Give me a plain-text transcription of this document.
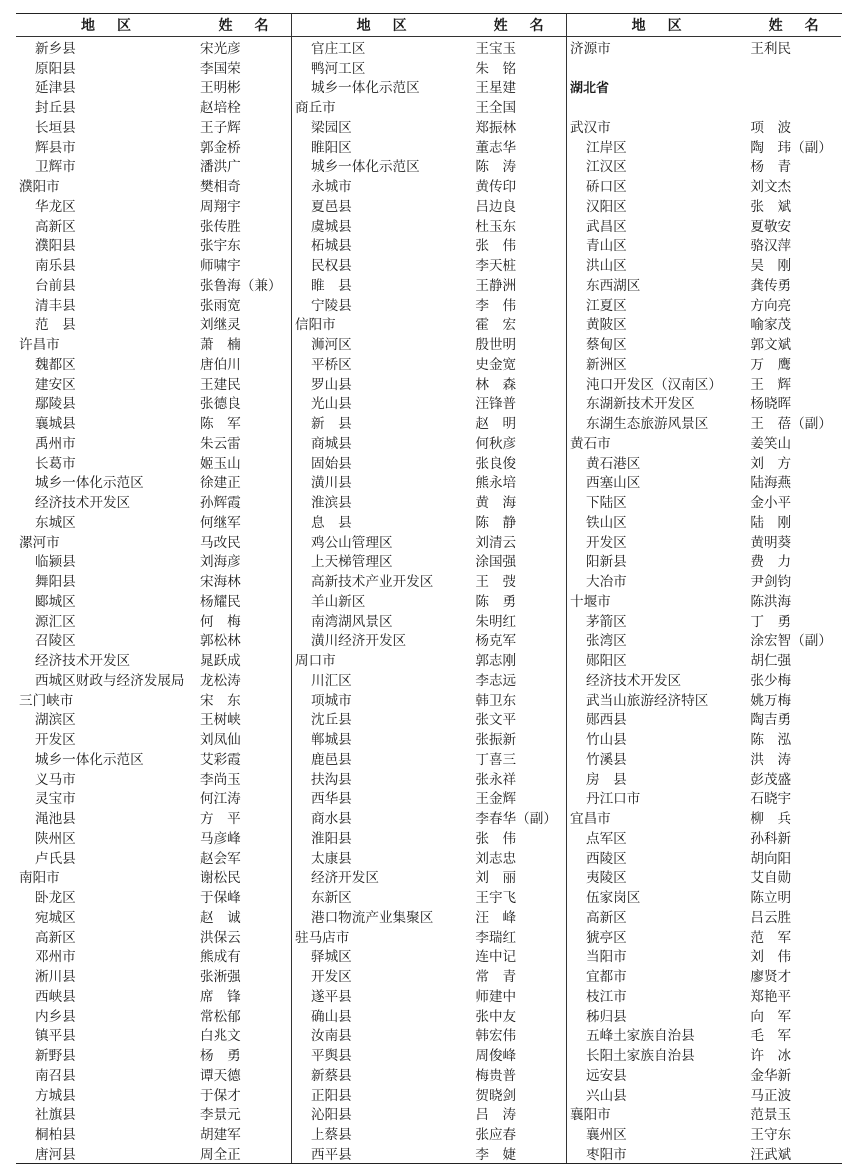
地区	姓名
新乡县	宋光彦
原阳县	李国荣
延津县	王明彬
封丘县	赵培栓
长垣县	王子辉
辉县市	郭金桥
卫辉市	潘洪广
濮阳市	樊相奇
华龙区	周翔宇
高新区	张传胜
濮阳县	张宇东
南乐县	师啸宇
台前县	张鲁海（兼）
清丰县	张雨宽
范　县	刘继灵
许昌市	萧　楠
魏都区	唐伯川
建安区	王建民
鄢陵县	张德良
襄城县	陈　军
禹州市	朱云雷
长葛市	姬玉山
城乡一体化示范区	徐建正
经济技术开发区	孙辉霞
东城区	何继军
漯河市	马改民
临颍县	刘海彦
舞阳县	宋海林
郾城区	杨耀民
源汇区	何　梅
召陵区	郭松林
经济技术开发区	晁跃成
西城区财政与经济发展局	龙松涛
三门峡市	宋　东
湖滨区	王树峡
开发区	刘凤仙
城乡一体化示范区	艾彩霞
义马市	李尚玉
灵宝市	何江涛
渑池县	方　平
陕州区	马彦峰
卢氏县	赵会军
南阳市	谢松民
卧龙区	于保峰
宛城区	赵　诚
高新区	洪保云
邓州市	熊成有
淅川县	张淅强
西峡县	席　锋
内乡县	常松郁
镇平县	白兆文
新野县	杨　勇
南召县	谭天德
方城县	于保才
社旗县	李景元
桐柏县	胡建军
唐河县	周全正
地区	姓名
官庄工区	王宝玉
鸭河工区	朱　铭
城乡一体化示范区	王星建
商丘市	王全国
梁园区	郑振林
睢阳区	董志华
城乡一体化示范区	陈　涛
永城市	黄传印
夏邑县	吕边良
虞城县	杜玉东
柘城县	张　伟
民权县	李天桩
睢　县	王静洲
宁陵县	李　伟
信阳市	霍　宏
浉河区	殷世明
平桥区	史金宽
罗山县	林　森
光山县	汪锋普
新　县	赵　明
商城县	何秋彦
固始县	张良俊
潢川县	熊永培
淮滨县	黄　海
息　县	陈　静
鸡公山管理区	刘清云
上天梯管理区	涂国强
高新技术产业开发区	王　弢
羊山新区	陈　勇
南湾湖风景区	朱明红
潢川经济开发区	杨克军
周口市	郭志刚
川汇区	李志远
项城市	韩卫东
沈丘县	张文平
郸城县	张振新
鹿邑县	丁喜三
扶沟县	张永祥
西华县	王金辉
商水县	李春华（副）
淮阳县	张　伟
太康县	刘志忠
经济开发区	刘　丽
东新区	王宇飞
港口物流产业集聚区	汪　峰
驻马店市	李瑞红
驿城区	连中记
开发区	常　青
遂平县	师建中
确山县	张中友
汝南县	韩宏伟
平舆县	周俊峰
新蔡县	梅贵普
正阳县	贺晓剑
沁阳县	吕　涛
上蔡县	张应春
西平县	李　婕
地区	姓名
济源市	王利民
湖北省
武汉市	项　波
江岸区	陶　玮（副）
江汉区	杨　青
硚口区	刘文杰
汉阳区	张　斌
武昌区	夏敬安
青山区	骆汉萍
洪山区	吴　刚
东西湖区	龚传勇
江夏区	方向亮
黄陂区	喻家茂
蔡甸区	郭文斌
新洲区	万　鹰
沌口开发区（汉南区）	王　辉
东湖新技术开发区	杨晓晖
东湖生态旅游风景区	王　蓓（副）
黄石市	姜笑山
黄石港区	刘　方
西塞山区	陆海燕
下陆区	金小平
铁山区	陆　刚
开发区	黄明葵
阳新县	费　力
大冶市	尹剑钧
十堰市	陈洪海
茅箭区	丁　勇
张湾区	涂宏智（副）
郧阳区	胡仁强
经济技术开发区	张少梅
武当山旅游经济特区	姚万梅
郧西县	陶吉勇
竹山县	陈　泓
竹溪县	洪　涛
房　县	彭茂盛
丹江口市	石晓宇
宜昌市	柳　兵
点军区	孙科新
西陵区	胡向阳
夷陵区	艾自勋
伍家岗区	陈立明
高新区	吕云胜
猇亭区	范　军
当阳市	刘　伟
宜都市	廖贤才
枝江市	郑艳平
秭归县	向　军
五峰土家族自治县	毛　军
长阳土家族自治县	许　冰
远安县	金华新
兴山县	马正波
襄阳市	范景玉
襄州区	王守东
枣阳市	汪武斌
